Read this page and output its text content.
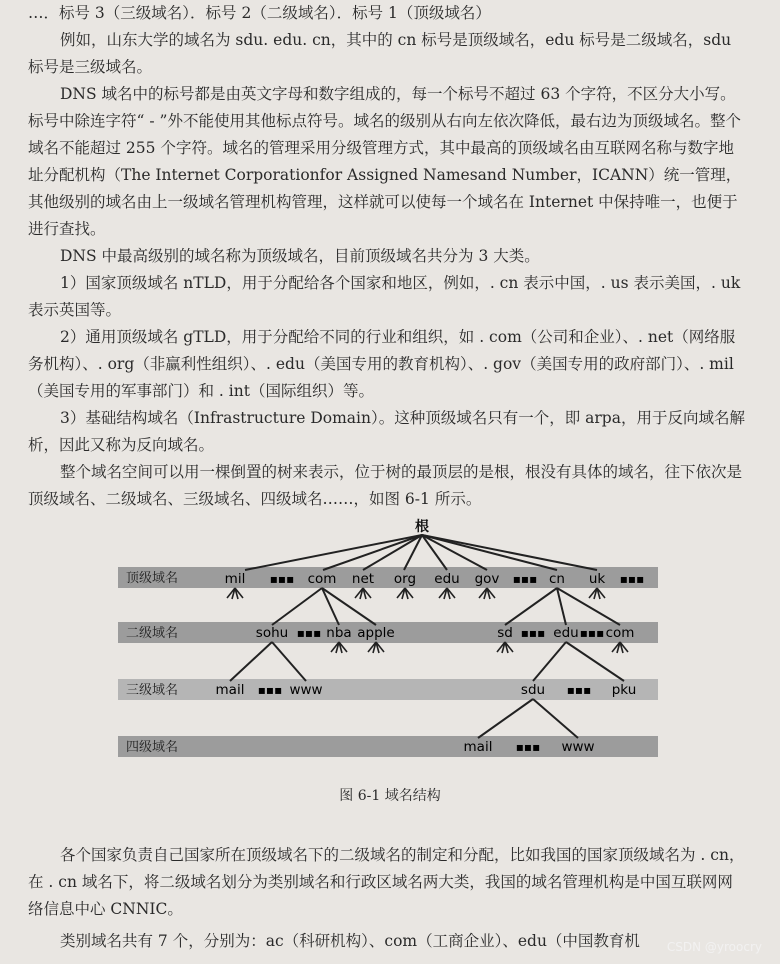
…．标号 3（三级域名）．标号 2（二级域名）．标号 1（顶级域名）

例如，山东大学的域名为 sdu. edu. cn，其中的 cn 标号是顶级域名，edu 标号是二级域名，sdu 标号是三级域名。

DNS 域名中的标号都是由英文字母和数字组成的，每一个标号不超过 63 个字符，不区分大小写。标号中除连字符“ - ”外不能使用其他标点符号。域名的级别从右向左依次降低，最右边为顶级域名。整个域名不能超过 255 个字符。域名的管理采用分级管理方式，其中最高的顶级域名由互联网名称与数字地址分配机构（The Internet Corporationfor Assigned Namesand Number，ICANN）统一管理，其他级别的域名由上一级域名管理机构管理，这样就可以使每一个域名在 Internet 中保持唯一，也便于进行查找。

DNS 中最高级别的域名称为顶级域名，目前顶级域名共分为 3 大类。

1）国家顶级域名 nTLD，用于分配给各个国家和地区，例如，. cn 表示中国，. us 表示美国，. uk 表示英国等。

2）通用顶级域名 gTLD，用于分配给不同的行业和组织，如 . com（公司和企业）、. net（网络服务机构）、. org（非赢利性组织）、. edu（美国专用的教育机构）、. gov（美国专用的政府部门）、. mil（美国专用的军事部门）和 . int（国际组织）等。

3）基础结构域名（Infrastructure Domain）。这种顶级域名只有一个，即 arpa，用于反向域名解析，因此又称为反向域名。

整个域名空间可以用一棵倒置的树来表示，位于树的最顶层的是根，根没有具体的域名，往下依次是顶级域名、二级域名、三级域名、四级域名……，如图 6-1 所示。

顶级域名
二级域名
三级域名
四级域名
根
mil ▪▪▪ com net org edu gov ▪▪▪ cn uk ▪▪▪
sohu ▪▪▪ nba apple	sd ▪▪▪ edu ▪▪▪ com
mail ▪▪▪ www	sdu ▪▪▪ pku
mail ▪▪▪ www
图 6-1 域名结构

各个国家负责自己国家所在顶级域名下的二级域名的制定和分配，比如我国的国家顶级域名为 . cn，在 . cn 域名下，将二级域名划分为类别域名和行政区域名两大类，我国的域名管理机构是中国互联网网络信息中心 CNNIC。

类别域名共有 7 个，分别为：ac（科研机构）、com（工商企业）、edu（中国教育机	CSDN @yroocry
